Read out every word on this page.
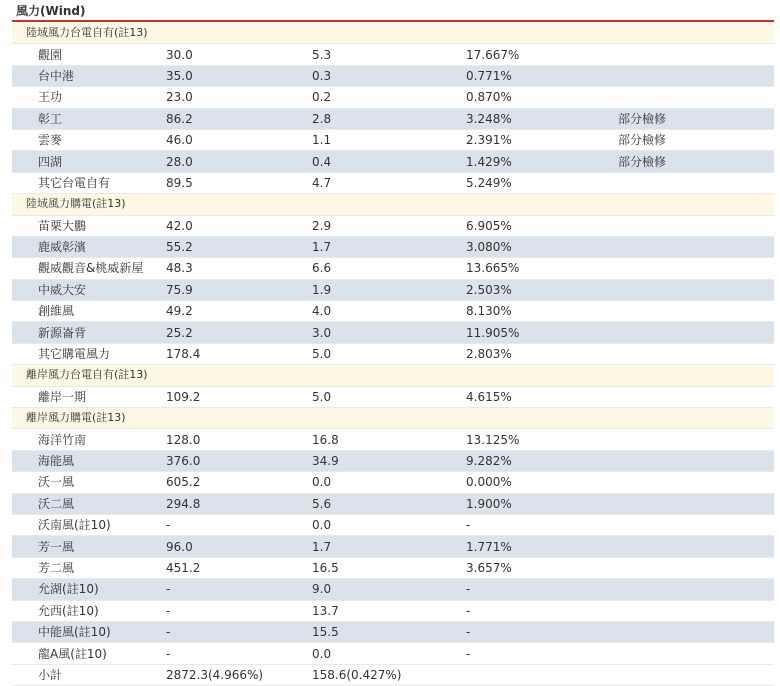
風力(Wind)
陸域風力台電自有(註13)				
觀園	30.0	5.3	17.667%	
台中港	35.0	0.3	0.771%	
王功	23.0	0.2	0.870%	
彰工	86.2	2.8	3.248%	部分檢修
雲麥	46.0	1.1	2.391%	部分檢修
四湖	28.0	0.4	1.429%	部分檢修
其它台電自有	89.5	4.7	5.249%	
陸域風力購電(註13)				
苗栗大鵬	42.0	2.9	6.905%	
鹿威彰濱	55.2	1.7	3.080%	
觀威觀音&桃威新屋	48.3	6.6	13.665%	
中威大安	75.9	1.9	2.503%	
創維風	49.2	4.0	8.130%	
新源崙背	25.2	3.0	11.905%	
其它購電風力	178.4	5.0	2.803%	
離岸風力台電自有(註13)				
離岸一期	109.2	5.0	4.615%	
離岸風力購電(註13)				
海洋竹南	128.0	16.8	13.125%	
海能風	376.0	34.9	9.282%	
沃一風	605.2	0.0	0.000%	
沃二風	294.8	5.6	1.900%	
沃南風(註10)	-	0.0	-	
芳一風	96.0	1.7	1.771%	
芳二風	451.2	16.5	3.657%	
允湖(註10)	-	9.0	-	
允西(註10)	-	13.7	-	
中能風(註10)	-	15.5	-	
龍A風(註10)	-	0.0	-	
小計	2872.3(4.966%)	158.6(0.427%)		
